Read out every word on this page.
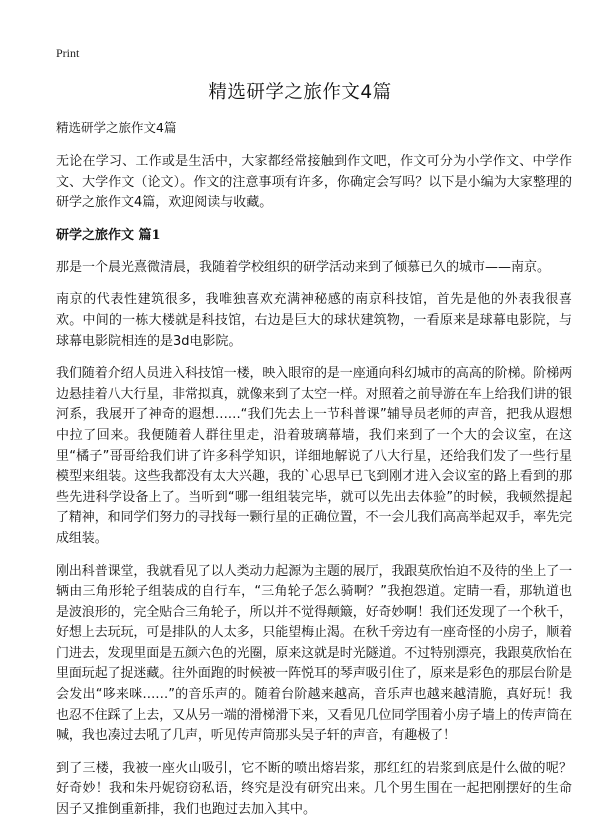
Print
精选研学之旅作文4篇

精选研学之旅作文4篇

无论在学习、工作或是生活中，大家都经常接触到作文吧，作文可分为小学作文、中学作文、大学作文（论文）。作文的注意事项有许多，你确定会写吗？以下是小编为大家整理的研学之旅作文4篇，欢迎阅读与收藏。

研学之旅作文 篇1

那是一个晨光熹微清晨，我随着学校组织的研学活动来到了倾慕已久的城市——南京。

南京的代表性建筑很多，我唯独喜欢充满神秘感的南京科技馆，首先是他的外表我很喜欢。中间的一栋大楼就是科技馆，右边是巨大的球状建筑物，一看原来是球幕电影院，与球幕电影院相连的是3d电影院。

我们随着介绍人员进入科技馆一楼，映入眼帘的是一座通向科幻城市的高高的阶梯。阶梯两边悬挂着八大行星，非常拟真，就像来到了太空一样。对照着之前导游在车上给我们讲的银河系，我展开了神奇的遐想……“我们先去上一节科普课”辅导员老师的声音，把我从遐想中拉了回来。我便随着人群往里走，沿着玻璃幕墙，我们来到了一个大的会议室，在这里“橘子”哥哥给我们讲了许多科学知识，详细地解说了八大行星，还给我们发了一些行星模型来组装。这些我都没有太大兴趣，我的`心思早已飞到刚才进入会议室的路上看到的那些先进科学设备上了。当听到“哪一组组装完毕，就可以先出去体验”的时候，我顿然提起了精神，和同学们努力的寻找每一颗行星的正确位置，不一会儿我们高高举起双手，率先完成组装。

刚出科普课堂，我就看见了以人类动力起源为主题的展厅，我跟莫欣怡迫不及待的坐上了一辆由三角形轮子组装成的自行车，“三角轮子怎么骑啊？”我抱怨道。定睛一看，那轨道也是波浪形的，完全贴合三角轮子，所以并不觉得颠簸，好奇妙啊！我们还发现了一个秋千，好想上去玩玩，可是排队的人太多，只能望梅止渴。在秋千旁边有一座奇怪的小房子，顺着门进去，发现里面是五颜六色的光圈，原来这就是时光隧道。不过特别漂亮，我跟莫欣怡在里面玩起了捉迷藏。往外面跑的时候被一阵悦耳的琴声吸引住了，原来是彩色的那层台阶是会发出“哆来咪……”的音乐声的。随着台阶越来越高，音乐声也越来越清脆，真好玩！我也忍不住踩了上去，又从另一端的滑梯滑下来，又看见几位同学围着小房子墙上的传声筒在喊，我也凑过去吼了几声，听见传声筒那头吴子轩的声音，有趣极了！

到了三楼，我被一座火山吸引，它不断的喷出熔岩浆，那红红的岩浆到底是什么做的呢？好奇妙！我和朱丹妮窃窃私语，终究是没有研究出来。几个男生围在一起把刚摆好的生命因子又推倒重新排，我们也跑过去加入其中。
